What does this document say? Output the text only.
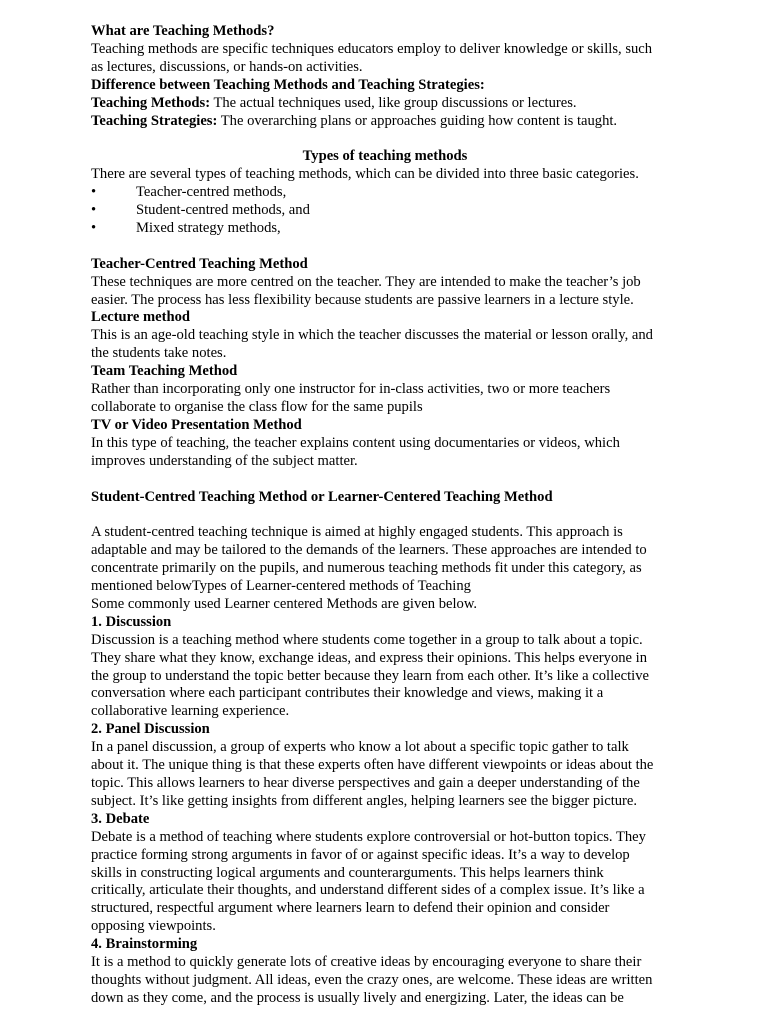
What are Teaching Methods?
Teaching methods are specific techniques educators employ to deliver knowledge or skills, such
as lectures, discussions, or hands-on activities.
Difference between Teaching Methods and Teaching Strategies:
Teaching Methods: The actual techniques used, like group discussions or lectures.
Teaching Strategies: The overarching plans or approaches guiding how content is taught.
Types of teaching methods
There are several types of teaching methods, which can be divided into three basic categories.
•	Teacher-centred methods,
•	Student-centred methods, and
•	Mixed strategy methods,
Teacher-Centred Teaching Method
These techniques are more centred on the teacher. They are intended to make the teacher’s job
easier. The process has less flexibility because students are passive learners in a lecture style.
Lecture method
This is an age-old teaching style in which the teacher discusses the material or lesson orally, and
the students take notes.
Team Teaching Method
Rather than incorporating only one instructor for in-class activities, two or more teachers
collaborate to organise the class flow for the same pupils
TV or Video Presentation Method
In this type of teaching, the teacher explains content using documentaries or videos, which
improves understanding of the subject matter.
Student-Centred Teaching Method or Learner-Centered Teaching Method
A student-centred teaching technique is aimed at highly engaged students. This approach is
adaptable and may be tailored to the demands of the learners. These approaches are intended to
concentrate primarily on the pupils, and numerous teaching methods fit under this category, as
mentioned belowTypes of Learner-centered methods of Teaching
Some commonly used Learner centered Methods are given below.
1. Discussion
Discussion is a teaching method where students come together in a group to talk about a topic.
They share what they know, exchange ideas, and express their opinions. This helps everyone in
the group to understand the topic better because they learn from each other. It’s like a collective
conversation where each participant contributes their knowledge and views, making it a
collaborative learning experience.
2. Panel Discussion
In a panel discussion, a group of experts who know a lot about a specific topic gather to talk
about it. The unique thing is that these experts often have different viewpoints or ideas about the
topic. This allows learners to hear diverse perspectives and gain a deeper understanding of the
subject. It’s like getting insights from different angles, helping learners see the bigger picture.
3. Debate
Debate is a method of teaching where students explore controversial or hot-button topics. They
practice forming strong arguments in favor of or against specific ideas. It’s a way to develop
skills in constructing logical arguments and counterarguments. This helps learners think
critically, articulate their thoughts, and understand different sides of a complex issue. It’s like a
structured, respectful argument where learners learn to defend their opinion and consider
opposing viewpoints.
4. Brainstorming
It is a method to quickly generate lots of creative ideas by encouraging everyone to share their
thoughts without judgment. All ideas, even the crazy ones, are welcome. These ideas are written
down as they come, and the process is usually lively and energizing. Later, the ideas can be
